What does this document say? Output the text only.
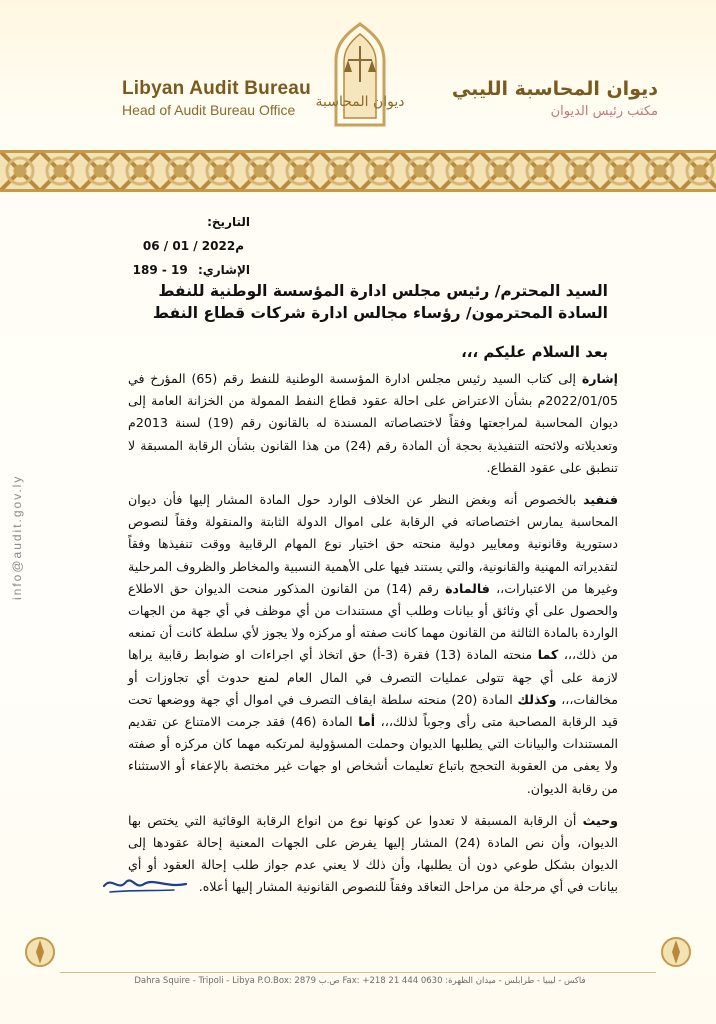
Libyan Audit Bureau
Head of Audit Bureau Office	ديوان المحاسبة
ديوان المحاسبة الليبي
مكتب رئيس الديوان
info@audit.gov.ly
التاريخ: 06 / 01 / 2022م
الإشاري: 189 - 19
السيد المحترم/ رئيس مجلس ادارة المؤسسة الوطنية للنفط
السادة المحترمون/ رؤساء مجالس ادارة شركات قطاع النفط
بعد السلام عليكم ،،،

إشارة إلى كتاب السيد رئيس مجلس ادارة المؤسسة الوطنية للنفط رقم (65) المؤرخ في 2022/01/05م بشأن الاعتراض على احالة عقود قطاع النفط الممولة من الخزانة العامة إلى ديوان المحاسبة لمراجعتها وفقاً لاختصاصاته المسندة له بالقانون رقم (19) لسنة 2013م وتعديلاته ولائحته التنفيذية بحجة أن المادة رقم (24) من هذا القانون بشأن الرقابة المسبقة لا تنطبق على عقود القطاع.

فنفيد بالخصوص أنه وبغض النظر عن الخلاف الوارد حول المادة المشار إليها فأن ديوان المحاسبة يمارس اختصاصاته في الرقابة على اموال الدولة الثابتة والمنقولة وفقاً لنصوص دستورية وقانونية ومعايير دولية منحته حق اختيار نوع المهام الرقابية ووقت تنفيذها وفقاً لتقديراته المهنية والقانونية، والتي يستند فيها على الأهمية النسبية والمخاطر والظروف المرحلية وغيرها من الاعتبارات،، فالمادة رقم (14) من القانون المذكور منحت الديوان حق الاطلاع والحصول على أي وثائق أو بيانات وطلب أي مستندات من أي موظف في أي جهة من الجهات الواردة بالمادة الثالثة من القانون مهما كانت صفته أو مركزه ولا يجوز لأي سلطة كانت أن تمنعه من ذلك،،، كما منحته المادة (13) فقرة (3-أ) حق اتخاذ أي اجراءات او ضوابط رقابية يراها لازمة على أي جهة تتولى عمليات التصرف في المال العام لمنع حدوث أي تجاوزات أو مخالفات،،، وكذلك المادة (20) منحته سلطة ايقاف التصرف في اموال أي جهة ووضعها تحت قيد الرقابة المصاحبة متى رأى وجوباً لذلك،،، أما المادة (46) فقد جرمت الامتناع عن تقديم المستندات والبيانات التي يطلبها الديوان وحملت المسؤولية لمرتكبه مهما كان مركزه أو صفته ولا يعفى من العقوبة التحجج باتباع تعليمات أشخاص او جهات غير مختصة بالإعفاء أو الاستثناء من رقابة الديوان.

وحيث أن الرقابة المسبقة لا تعدوا عن كونها نوع من انواع الرقابة الوقائية التي يختص بها الديوان، وأن نص المادة (24) المشار إليها يفرض على الجهات المعنية إحالة عقودها إلى الديوان بشكل طوعي دون أن يطلبها، وأن ذلك لا يعني عدم جواز طلب إحالة العقود أو أي بيانات في أي مرحلة من مراحل التعاقد وفقاً للنصوص القانونية المشار إليها أعلاه.

Dahra Squire - Tripoli - Libya P.O.Box: 2879 ص.ب Fax: +218 21 444 0630 :فاكس - ليبيا - طرابلس - ميدان الظهرة
